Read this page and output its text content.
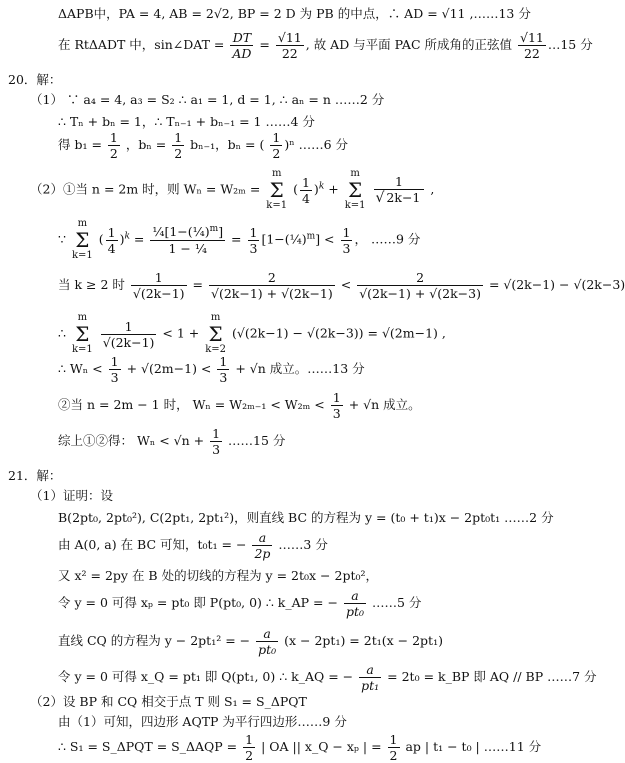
ΔAPB中，PA = 4, AB = 2√2, BP = 2 D 为 PB 的中点，∴ AD = √11 ,……13 分
在 RtΔADT 中，sin∠DAT = $\frac{DT}{AD} = \frac{√11}{22}$ , 故 AD 与平面 PAC 所成角的正弦值 $\frac{√11}{22}$ …15 分
20．解：
（1） ∵ a₄ = 4, a₃ = S₂ ∴ a₁ = 1, d = 1, ∴ aₙ = n ……2 分
∴ Tₙ + bₙ = 1，∴ Tₙ₋₁ + bₙ₋₁ = 1 ……4 分
得 $b_1 = \frac{1}{2}$ ，$b_n = \frac{1}{2} b_{n-1}$，bₙ = ( $\frac{1}{2} )^n$ ……6 分
（2）①当 n = 2m 时，则 Wₙ = W₂ₘ = m
Σ
k=1 ( $\frac{1}{4} )^k + m$
Σ
$k=1 \frac{1}{√ 2k-1}$ ,
∵ m
Σ
k=1 ( $\frac{1}{4} )^k = \frac{\frac{1}{4}[1-(\frac{1}{4})^m]}{\text{1 − ¼}} = \frac{1}{3}$ [1−(¼)$^m$] < $\frac{1}{3}$ ， ……9 分
当 k ≥ 2 时 $\frac{1}{√(2k-1)} = \frac{2}{√(2k-1) + √(2k-1)} < \frac{2}{√(2k-1) + √(2k-3)} = √(2k-1) - √(2k-3)$
∴ m
Σ
$k=1 \frac{1}{√(2k-1)} < 1 + m$
Σ
k=2 (√(2k−1) − √(2k−3)) = √(2m−1) ,
∴ $W_n < \frac{1}{3} + √(2m-1) < \frac{1}{3} + √n$ 成立。……13 分
②当 n = 2m − 1 时， $W_n = W_{2m-1} < W_{2m} < \frac{1}{3} + √n$ 成立。
综上①②得： $W_n < √n + \frac{1}{3}$ ……15 分
21．解：
（1）证明：设
B(2pt₀, 2pt₀²), C(2pt₁, 2pt₁²)，则直线 BC 的方程为 y = (t₀ + t₁)x − 2pt₀t₁ ……2 分
由 A(0, a) 在 BC 可知，t₀t₁ = − $\frac{a}{2p}$ ……3 分
又 x² = 2py 在 B 处的切线的方程为 y = 2t₀x − 2pt₀²，
令 y = 0 可得 xₚ = pt₀ 即 P(pt₀, 0) ∴ k_AP = − $\frac{a}{\text{pt₀}}$ ……5 分
直线 CQ 的方程为 y − 2pt₁² = − $\frac{a}{\text{pt₀}} (x - 2pt_1) = 2t_1(x - 2pt_1)$
令 y = 0 可得 x_Q = pt₁ 即 Q(pt₁, 0) ∴ k_AQ = − $\frac{a}{\text{pt₁}} = 2t_0$ = k_BP 即 AQ // BP ……7 分
（2）设 BP 和 CQ 相交于点 T 则 S₁ = S_ΔPQT
由（1）可知，四边形 AQTP 为平行四边形……9 分
∴ S₁ = S_ΔPQT = S_ΔAQP = $\frac{1}{2}$ | OA || x_Q − xₚ | = $\frac{1}{2}$ ap | t₁ − t₀ | ……11 分
